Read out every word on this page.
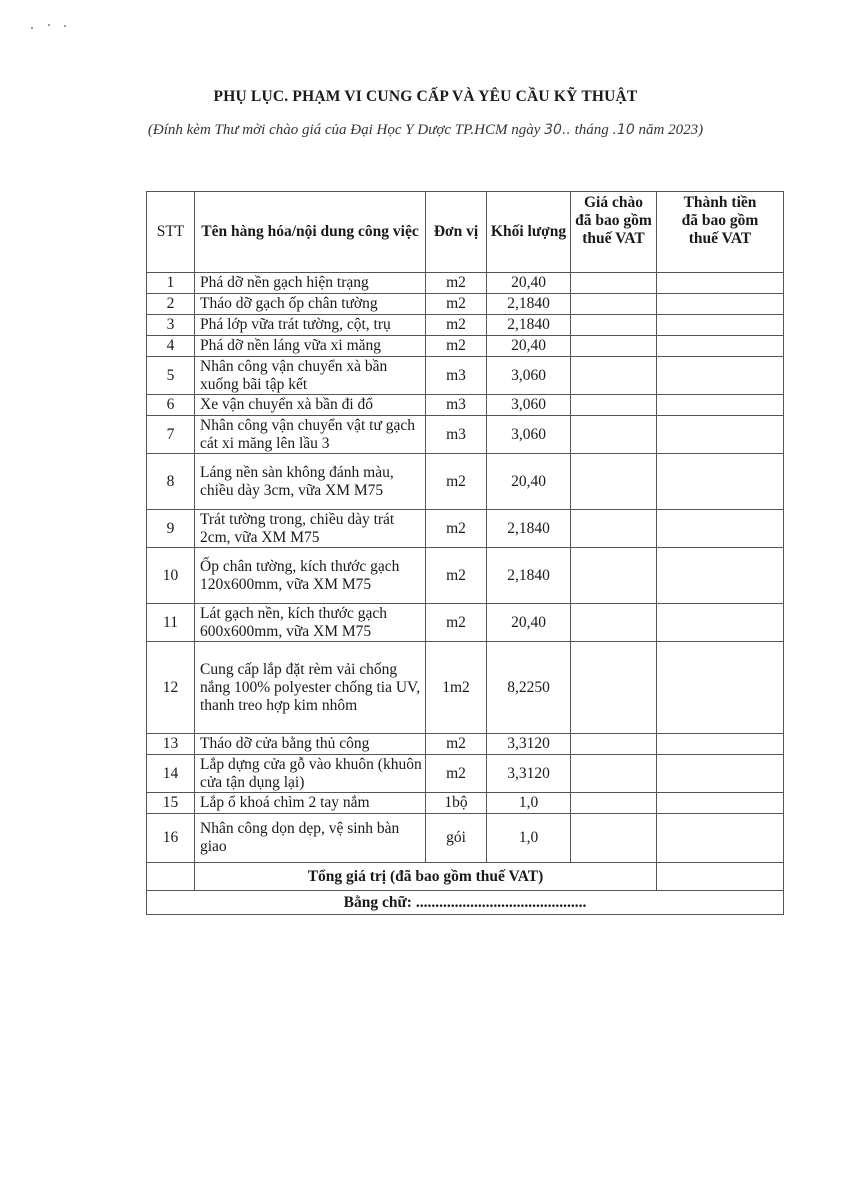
PHỤ LỤC. PHẠM VI CUNG CẤP VÀ YÊU CẦU KỸ THUẬT
(Đính kèm Thư mời chào giá của Đại Học Y Dược TP.HCM ngày 30.. tháng .10 năm 2023)
STT	Tên hàng hóa/nội dung công việc	Đơn vị	Khối lượng	Giá chào đã bao gồm thuế VAT	Thành tiền đã bao gồm thuế VAT
1	Phá dỡ nền gạch hiện trạng	m2	20,40		
2	Tháo dỡ gạch ốp chân tường	m2	2,1840		
3	Phá lớp vữa trát tường, cột, trụ	m2	2,1840		
4	Phá dỡ nền láng vữa xi măng	m2	20,40		
5	Nhân công vận chuyển xà bần xuống bãi tập kết	m3	3,060		
6	Xe vận chuyển xà bần đi đổ	m3	3,060		
7	Nhân công vận chuyển vật tư gạch cát xi măng lên lầu 3	m3	3,060		
8	Láng nền sàn không đánh màu, chiều dày 3cm, vữa XM M75	m2	20,40		
9	Trát tường trong, chiều dày trát 2cm, vữa XM M75	m2	2,1840		
10	Ốp chân tường, kích thước gạch 120x600mm, vữa XM M75	m2	2,1840		
11	Lát gạch nền, kích thước gạch 600x600mm, vữa XM M75	m2	20,40		
12	Cung cấp lắp đặt rèm vải chống nắng 100% polyester chống tia UV, thanh treo hợp kim nhôm	1m2	8,2250		
13	Tháo dỡ cửa bằng thủ công	m2	3,3120		
14	Lắp dựng cửa gỗ vào khuôn (khuôn cửa tận dụng lại)	m2	3,3120		
15	Lắp ổ khoá chìm 2 tay nắm	1bộ	1,0		
16	Nhân công dọn dẹp, vệ sinh bàn giao	gói	1,0		
	Tổng giá trị (đã bao gồm thuế VAT)				
Bằng chữ: ............................................					
